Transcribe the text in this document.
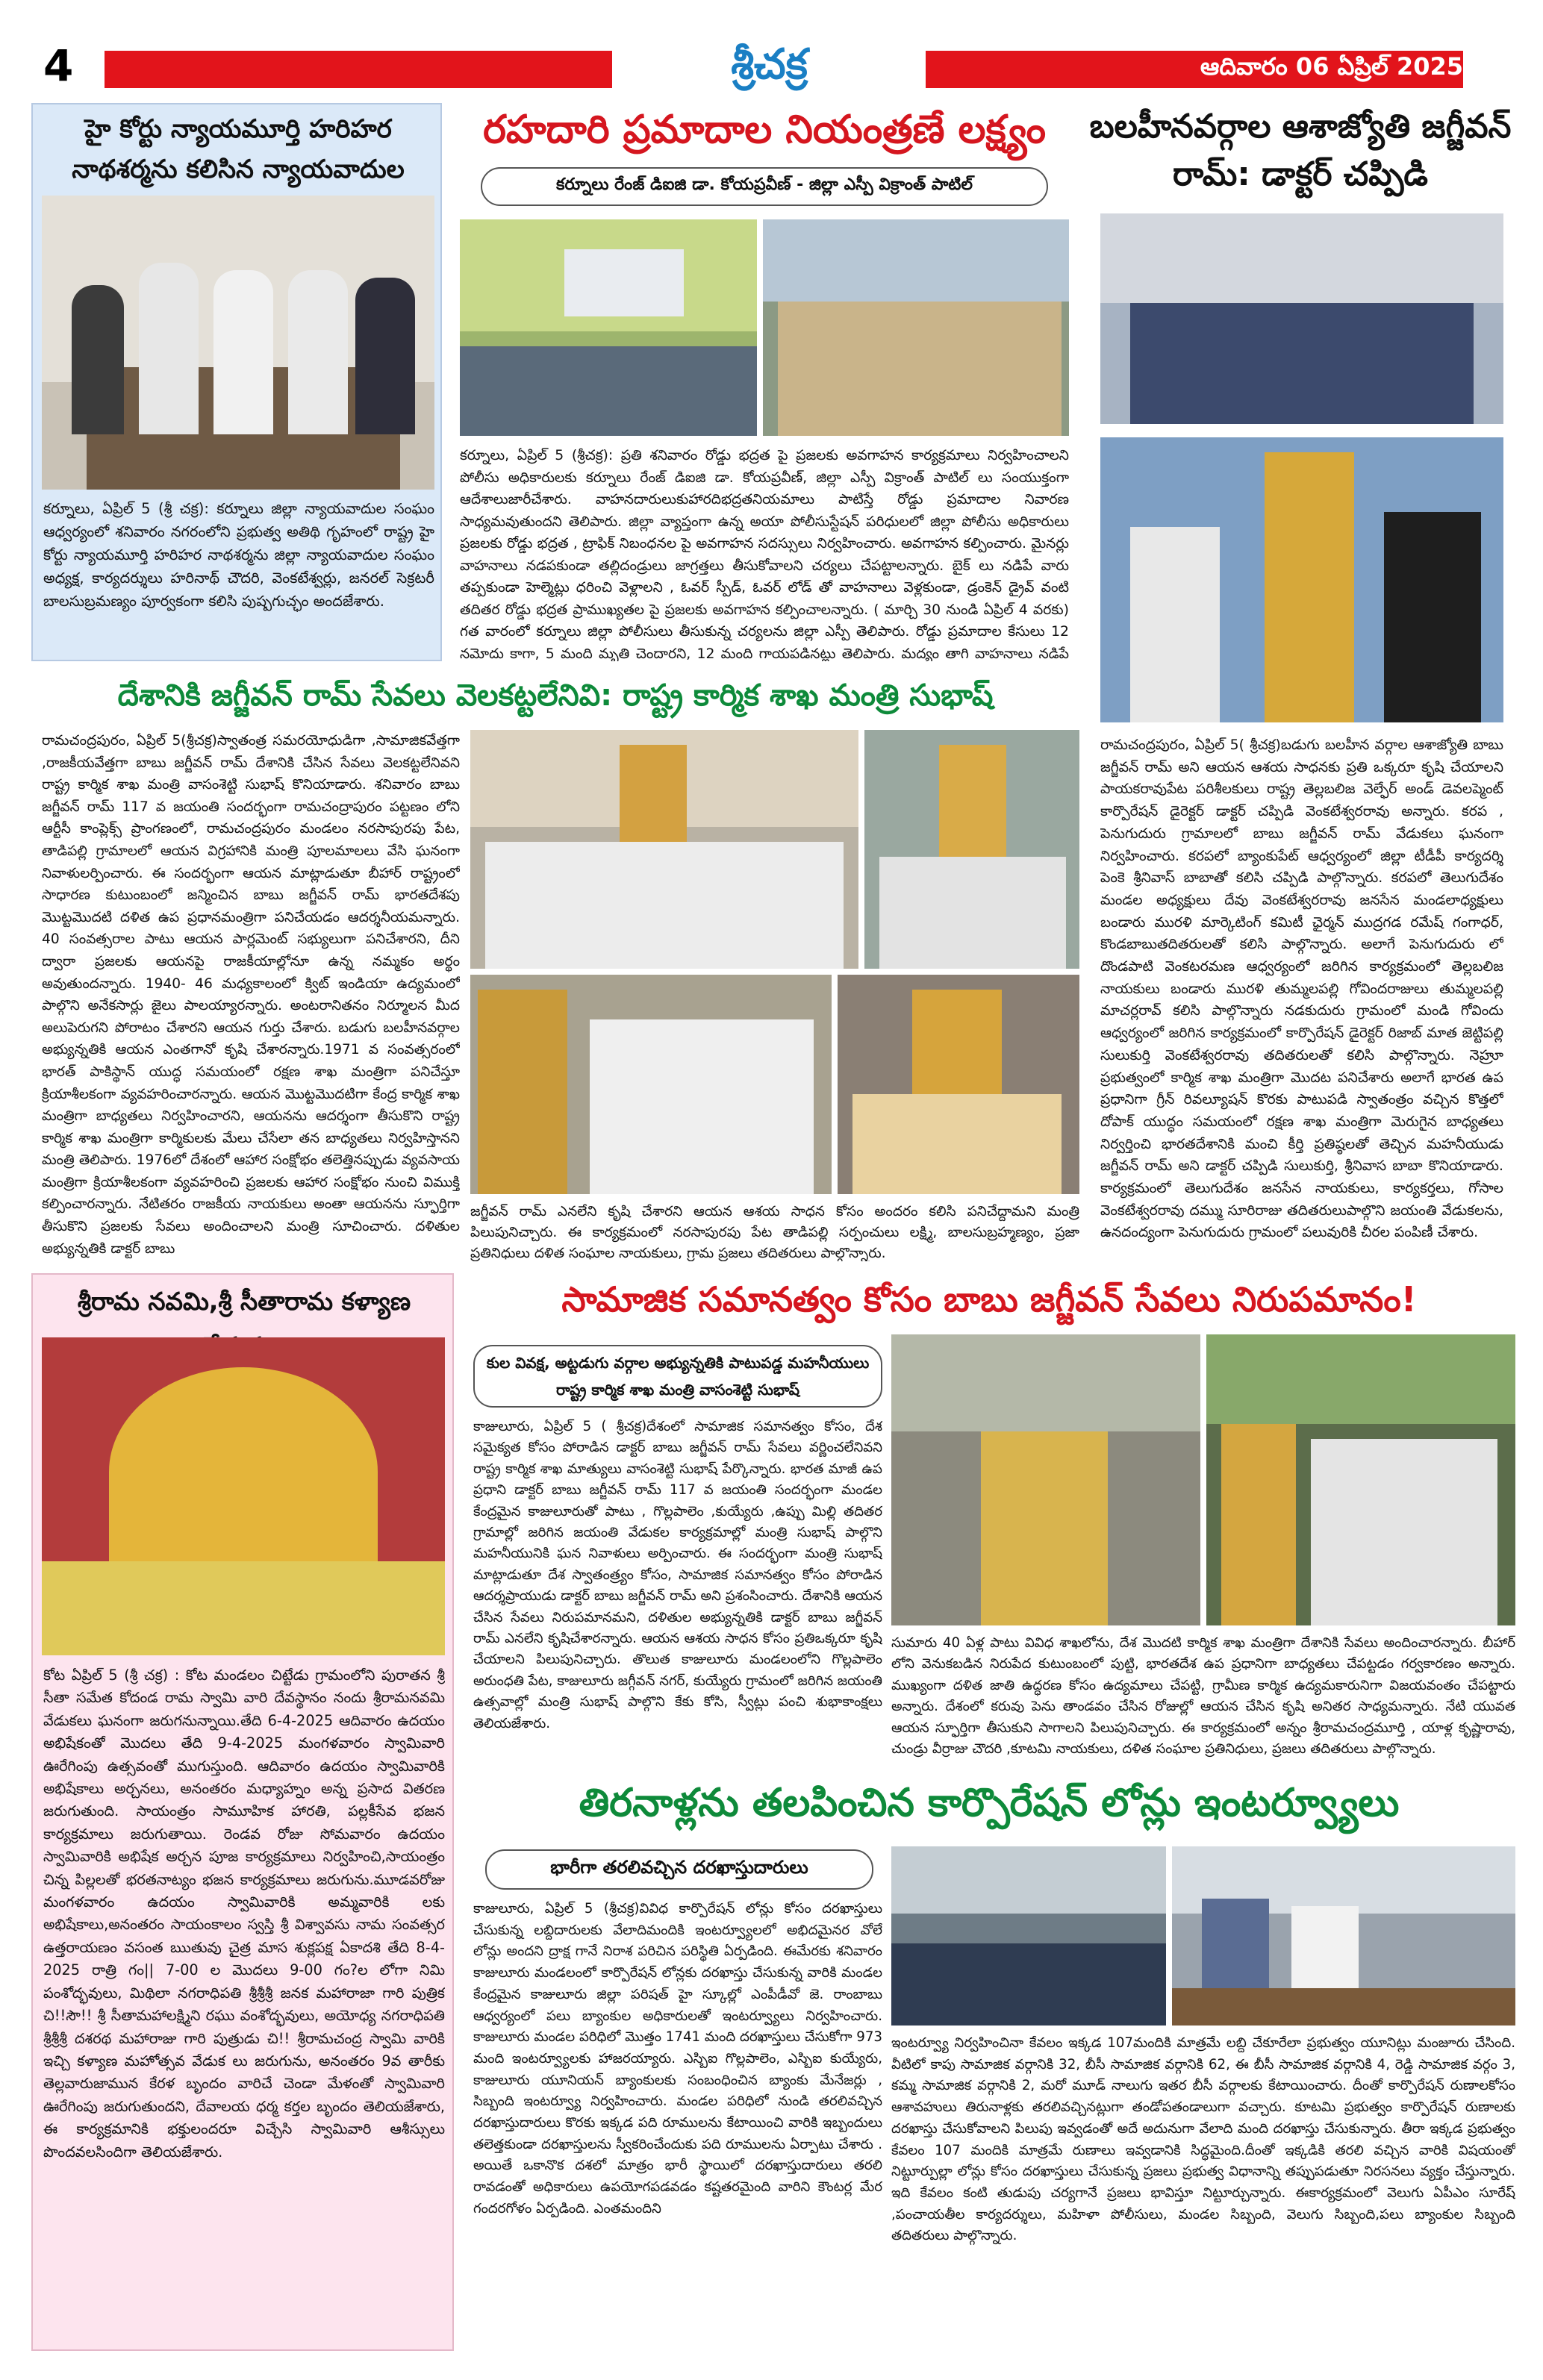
4	శ్రీచక్ర	ఆదివారం 06 ఏప్రిల్ 2025
హై కోర్టు న్యాయమూర్తి హరిహర నాథశర్మను కలిసిన న్యాయవాదుల
కర్నూలు, ఏప్రిల్ 5 (శ్రీ చక్ర): కర్నూలు జిల్లా న్యాయవాదుల సంఘం ఆధ్వర్యంలో శనివారం నగరంలోని ప్రభుత్వ అతిథి గృహంలో రాష్ట్ర హై కోర్టు న్యాయమూర్తి హరిహర నాథశర్మను జిల్లా న్యాయవాదుల సంఘం అధ్యక్ష, కార్యదర్శులు హరినాథ్ చౌదరి, వెంకటేశ్వర్లు, జనరల్ సెక్రటరీ బాలసుబ్రమణ్యం పూర్వకంగా కలిసి పుష్పగుచ్ఛం అందజేశారు.
రహదారి ప్రమాదాల నియంత్రణే లక్ష్యం
కర్నూలు రేంజ్ డిఐజి డా. కోయప్రవీణ్ - జిల్లా ఎస్పీ విక్రాంత్ పాటిల్
కర్నూలు, ఏప్రిల్ 5 (శ్రీచక్ర): ప్రతి శనివారం రోడ్డు భద్రత పై ప్రజలకు అవగాహన కార్యక్రమాలు నిర్వహించాలని పోలీసు అధికారులకు కర్నూలు రేంజ్ డిఐజి డా. కోయప్రవీణ్, జిల్లా ఎస్పీ విక్రాంత్ పాటిల్ లు సంయుక్తంగా ఆదేశాలుజారీచేశారు. వాహనదారులుకుహారదిభద్రతనియమాలు పాటిస్తే రోడ్డు ప్రమాదాల నివారణ సాధ్యమవుతుందని తెలిపారు. జిల్లా వ్యాప్తంగా ఉన్న అయా పోలీసుస్టేషన్ పరిధులలో జిల్లా పోలీసు అధికారులు ప్రజలకు రోడ్డు భద్రత , ట్రాఫిక్ నిబంధనల పై అవగాహన సదస్సులు నిర్వహించారు. అవగాహన కల్పించారు. మైనర్లు వాహనాలు నడపకుండా తల్లిదండ్రులు జాగ్రత్తలు తీసుకోవాలని చర్యలు చేపట్టాలన్నారు. బైక్ లు నడిపే వారు తప్పకుండా హెల్మెట్లు ధరించి వెళ్లాలని , ఓవర్ స్పీడ్, ఓవర్ లోడ్ తో వాహనాలు వెళ్లకుండా, డ్రంకెన్ డ్రైవ్ వంటి తదితర రోడ్డు భద్రత ప్రాముఖ్యతల పై ప్రజలకు అవగాహన కల్పించాలన్నారు. ( మార్చి 30 నుండి ఏప్రిల్ 4 వరకు) గత వారంలో కర్నూలు జిల్లా పోలీసులు తీసుకున్న చర్యలను జిల్లా ఎస్పీ తెలిపారు. రోడ్డు ప్రమాదాల కేసులు 12 నమోదు కాగా, 5 మంది మృతి చెందారని, 12 మంది గాయపడినట్లు తెలిపారు. మద్యం తాగి వాహనాలు నడిపే
బలహీనవర్గాల ఆశాజ్యోతి జగ్జీవన్ రామ్: డాక్టర్ చప్పిడి
రామచంద్రపురం, ఏప్రిల్ 5( శ్రీచక్ర)బడుగు బలహీన వర్గాల ఆశాజ్యోతి బాబు జగ్జీవన్ రామ్ అని ఆయన ఆశయ సాధనకు ప్రతి ఒక్కరూ కృషి చేయాలని పాయకరావుపేట పరిశీలకులు రాష్ట్ర తెల్లబలిజ వెల్ఫేర్ అండ్ డెవలప్మెంట్ కార్పొరేషన్ డైరెక్టర్ డాక్టర్ చప్పిడి వెంకటేశ్వరరావు అన్నారు. కరప , పెనుగుదురు గ్రామాలలో బాబు జగ్జీవన్ రామ్ వేడుకలు ఘనంగా నిర్వహించారు. కరపలో బ్యాంకుపేట్ ఆధ్వర్యంలో జిల్లా టీడీపీ కార్యదర్శి పెంకె శ్రీనివాస్ బాబాతో కలిసి చప్పిడి పాల్గొన్నారు. కరపలో తెలుగుదేశం మండల అధ్యక్షులు దేవు వెంకటేశ్వరరావు జనసేన మండలాధ్యక్షులు బండారు మురళి మార్కెటింగ్ కమిటీ ఛైర్మన్ ముద్రగడ రమేష్ గంగాధర్, కొండబాబుతదితరులతో కలిసి పాల్గొన్నారు. అలాగే పెనుగుదురు లో దొండపాటి వెంకటరమణ ఆధ్వర్యంలో జరిగిన కార్యక్రమంలో తెల్లబలిజ నాయకులు బండారు మురళి తుమ్మలపల్లి గోవిందరాజులు తుమ్మలపల్లి మాచర్లరావ్ కలిసి పాల్గొన్నారు నడకుదురు గ్రామంలో మండి గోవిందు ఆధ్వర్యంలో జరిగిన కార్యక్రమంలో కార్పొరేషన్ డైరెక్టర్ రిజాబ్ మాత జెట్టిపల్లి సులుకుర్తి వెంకటేశ్వరరావు తదితరులతో కలిసి పాల్గొన్నారు. నెహ్రూ ప్రభుత్వంలో కార్మిక శాఖ మంత్రిగా మొదట పనిచేశారు అలాగే భారత ఉప ప్రధానిగా గ్రీన్ రివల్యూషన్ కొరకు పాటుపడి స్వాతంత్రం వచ్చిన కొత్తలో దోపాక్ యుద్ధం సమయంలో రక్షణ శాఖ మంత్రిగా మెరుగైన బాధ్యతలు నిర్వర్తించి భారతదేశానికి మంచి కీర్తి ప్రతిష్ఠలతో తెచ్చిన మహనీయుడు జగ్జీవన్ రామ్ అని డాక్టర్ చప్పిడి సులుకుర్తి, శ్రీనివాస బాబా కొనియాడారు. కార్యక్రమంలో తెలుగుదేశం జనసేన నాయకులు, కార్యకర్తలు, గోసాల వెంకటేశ్వరరావు దమ్ము సూరిరాజు తదితరులుపాల్గొని జయంతి వేడుకలను, ఉనదంద్యంగా పెనుగుదురు గ్రామంలో పలువురికి చీరల పంపిణీ చేశారు.
దేశానికి జగ్జీవన్ రామ్ సేవలు వెలకట్టలేనివి: రాష్ట్ర కార్మిక శాఖ మంత్రి సుభాష్
రామచంద్రపురం, ఏప్రిల్ 5(శ్రీచక్ర)స్వాతంత్ర సమరయోధుడిగా ,సామాజికవేత్తగా ,రాజకీయవేత్తగా బాబు జగ్జీవన్ రామ్ దేశానికి చేసిన సేవలు వెలకట్టలేనివని రాష్ట్ర కార్మిక శాఖ మంత్రి వాసంశెట్టి సుభాష్ కొనియాడారు. శనివారం బాబు జగ్జీవన్ రామ్ 117 వ జయంతి సందర్భంగా రామచంద్రాపురం పట్టణం లోని ఆర్టీసీ కాంప్లెక్స్ ప్రాంగణంలో, రామచంద్రపురం మండలం నరసాపురపు పేట, తాడిపల్లి గ్రామాలలో ఆయన విగ్రహానికి మంత్రి పూలమాలలు వేసి ఘనంగా నివాళులర్పించారు. ఈ సందర్భంగా ఆయన మాట్లాడుతూ బీహార్ రాష్ట్రంలో సాధారణ కుటుంబంలో జన్మించిన బాబు జగ్జీవన్ రామ్ భారతదేశపు మొట్టమొదటి దళిత ఉప ప్రధానమంత్రిగా పనిచేయడం ఆదర్శనీయమన్నారు. 40 సంవత్సరాల పాటు ఆయన పార్లమెంట్ సభ్యులుగా పనిచేశారని, దీని ద్వారా ప్రజలకు ఆయనపై రాజకీయాల్లోనూ ఉన్న నమ్మకం అర్థం అవుతుందన్నారు. 1940- 46 మధ్యకాలంలో క్విట్ ఇండియా ఉద్యమంలో పాల్గొని అనేకసార్లు జైలు పాలయ్యారన్నారు. అంటరానితనం నిర్మూలన మీద అలుపెరుగని పోరాటం చేశారని ఆయన గుర్తు చేశారు. బడుగు బలహీనవర్గాల అభ్యున్నతికి ఆయన ఎంతగానో కృషి చేశారన్నారు.1971 వ సంవత్సరంలో భారత్ పాకిస్థాన్ యుద్ధ సమయంలో రక్షణ శాఖ మంత్రిగా పనిచేస్తూ క్రియాశీలకంగా వ్యవహరించారన్నారు. ఆయన మొట్టమొదటిగా కేంద్ర కార్మిక శాఖ మంత్రిగా బాధ్యతలు నిర్వహించారని, ఆయనను ఆదర్శంగా తీసుకొని రాష్ట్ర కార్మిక శాఖ మంత్రిగా కార్మికులకు మేలు చేసేలా తన బాధ్యతలు నిర్వహిస్తానని మంత్రి తెలిపారు. 1976లో దేశంలో ఆహార సంక్షోభం తలెత్తినప్పుడు వ్యవసాయ మంత్రిగా క్రియాశీలకంగా వ్యవహరించి ప్రజలకు ఆహార సంక్షోభం నుంచి విముక్తి కల్పించారన్నారు. నేటితరం రాజకీయ నాయకులు అంతా ఆయనను స్ఫూర్తిగా తీసుకొని ప్రజలకు సేవలు అందించాలని మంత్రి సూచించారు. దళితుల అభ్యున్నతికి డాక్టర్ బాబు
జగ్జీవన్ రామ్ ఎనలేని కృషి చేశారని ఆయన ఆశయ సాధన కోసం అందరం కలిసి పనిచేద్దామని మంత్రి పిలుపునిచ్చారు. ఈ కార్యక్రమంలో నరసాపురపు పేట తాడిపల్లి సర్పంచులు లక్ష్మి, బాలసుబ్రహ్మణ్యం, ప్రజా ప్రతినిధులు దళిత సంఘాల నాయకులు, గ్రామ ప్రజలు తదితరులు పాల్గొన్నారు.
శ్రీరామ నవమి,శ్రీ సీతారామ కళ్యాణ
కోట ఏప్రిల్ 5 (శ్రీ చక్ర) : కోట మండలం చిట్టేడు గ్రామంలోని పురాతన శ్రీ సీతా సమేత కోదండ రామ స్వామి వారి దేవస్థానం నందు శ్రీరామనవమి వేడుకలు ఘనంగా జరుగనున్నాయి.తేది 6-4-2025 ఆదివారం ఉదయం అభిషేకంతో మొదలు తేది 9-4-2025 మంగళవారం స్వామివారి ఊరేగింపు ఉత్సవంతో ముగుస్తుంది. ఆదివారం ఉదయం స్వామివారికి అభిషేకాలు అర్చనలు, అనంతరం మధ్యాహ్నం అన్న ప్రసాద వితరణ జరుగుతుంది. సాయంత్రం సామూహిక హారతి, పల్లకీసేవ భజన కార్యక్రమాలు జరుగుతాయి. రెండవ రోజు సోమవారం ఉదయం స్వామివారికి అభిషేక అర్చన పూజ కార్యక్రమాలు నిర్వహించి,సాయంత్రం చిన్న పిల్లలతో భరతనాట్యం భజన కార్యక్రమాలు జరుగును.మూడవరోజు మంగళవారం ఉదయం స్వామివారికి అమ్మవారికి లకు అభిషేకాలు,అనంతరం సాయంకాలం స్వస్తి శ్రీ విశ్వావసు నామ సంవత్సర ఉత్తరాయణం వసంత ఋతువు చైత్ర మాస శుక్లపక్ష ఏకాదశి తేది 8-4-2025 రాత్రి గం|| 7-00 ల మొదలు 9-00 గం?ల లోగా నిమి పంశోద్భవులు, మిథిలా నగరాధిపతి శ్రీశ్రీశ్రీ జనక మహారాజా గారి పుత్రిక చి!!సౌ!! శ్రీ సీతామహాలక్ష్మిని రఘు వంశోద్భవులు, అయోధ్య నగరాధిపతి శ్రీశ్రీశ్రీ దశరథ మహారాజు గారి పుత్రుడు చి!! శ్రీరామచంద్ర స్వామి వారికి ఇచ్చి కళ్యాణ మహోత్సవ వేడుక లు జరుగును, అనంతరం 9వ తారీకు తెల్లవారుజామున కేరళ బృందం వారిచే చెండా మేళంతో స్వామివారి ఊరేగింపు జరుగుతుందని, దేవాలయ ధర్మ కర్తల బృందం తెలియజేశారు, ఈ కార్యక్రమానికి భక్తులందరూ విచ్చేసి స్వామివారి ఆశీస్సులు పొందవలసిందిగా తెలియజేశారు.
సామాజిక సమానత్వం కోసం బాబు జగ్జీవన్ సేవలు నిరుపమానం!
కుల వివక్ష, అట్టడుగు వర్గాల అభ్యున్నతికి పాటుపడ్డ మహనీయులు రాష్ట్ర కార్మిక శాఖ మంత్రి వాసంశెట్టి సుభాష్
కాజులూరు, ఏప్రిల్ 5 ( శ్రీచక్ర)దేశంలో సామాజిక సమానత్వం కోసం, దేశ సమైక్యత కోసం పోరాడిన డాక్టర్ బాబు జగ్జీవన్ రామ్ సేవలు వర్ణించలేనివని రాష్ట్ర కార్మిక శాఖ మాత్యులు వాసంశెట్టి సుభాష్ పేర్కొన్నారు. భారత మాజీ ఉప ప్రధాని డాక్టర్ బాబు జగ్జీవన్ రామ్ 117 వ జయంతి సందర్భంగా మండల కేంద్రమైన కాజులూరుతో పాటు , గొల్లపాలెం ,కుయ్యేరు ,ఉప్పు మిల్లి తదితర గ్రామాల్లో జరిగిన జయంతి వేడుకల కార్యక్రమాల్లో మంత్రి సుభాష్ పాల్గొని మహనీయునికి ఘన నివాళులు అర్పించారు. ఈ సందర్భంగా మంత్రి సుభాష్ మాట్లాడుతూ దేశ స్వాతంత్ర్యం కోసం, సామాజిక సమానత్వం కోసం పోరాడిన ఆదర్శప్రాయుడు డాక్టర్ బాబు జగ్జీవన్ రామ్ అని ప్రశంసించారు. దేశానికి ఆయన చేసిన సేవలు నిరుపమానమని, దళితుల అభ్యున్నతికి డాక్టర్ బాబు జగ్జీవన్ రామ్ ఎనలేని కృషిచేశారన్నారు. ఆయన ఆశయ సాధన కోసం ప్రతిఒక్కరూ కృషి చేయాలని పిలుపునిచ్చారు. తొలుత కాజులూరు మండలంలోని గొల్లపాలెం అరుంధతి పేట, కాజులూరు జగ్గీవన్ నగర్, కుయ్యేరు గ్రామంలో జరిగిన జయంతి ఉత్సవాల్లో మంత్రి సుభాష్ పాల్గొని కేకు కోసి, స్వీట్లు పంచి శుభాకాంక్షలు తెలియజేశారు.
సుమారు 40 ఏళ్ల పాటు వివిధ శాఖలోను, దేశ మొదటి కార్మిక శాఖ మంత్రిగా దేశానికి సేవలు అందించారన్నారు. బీహార్ లోని వెనుకబడిన నిరుపేద కుటుంబంలో పుట్టి, భారతదేశ ఉప ప్రధానిగా బాధ్యతలు చేపట్టడం గర్వకారణం అన్నారు. ముఖ్యంగా దళిత జాతి ఉద్ధరణ కోసం ఉద్యమాలు చేపట్టి, గ్రామీణ కార్మిక ఉద్యమకారునిగా విజయవంతం చేపట్టారు అన్నారు. దేశంలో కరువు పెను తాండవం చేసిన రోజుల్లో ఆయన చేసిన కృషి అనితర సాధ్యమన్నారు. నేటి యువత ఆయన స్ఫూర్తిగా తీసుకుని సాగాలని పిలుపునిచ్చారు. ఈ కార్యక్రమంలో అన్నం శ్రీరామచంద్రమూర్తి , యాళ్ల కృష్ణారావు, చుండ్రు వీర్రాజు చౌదరి ,కూటమి నాయకులు, దళిత సంఘాల ప్రతినిధులు, ప్రజలు తదితరులు పాల్గొన్నారు.
తిరనాళ్లను తలపించిన కార్పొరేషన్ లోన్లు ఇంటర్వ్యూలు
భారీగా తరలివచ్చిన దరఖాస్తుదారులు
కాజులూరు, ఏప్రిల్ 5 (శ్రీచక్ర)వివిధ కార్పొరేషన్ లోన్లు కోసం దరఖాస్తులు చేసుకున్న లబ్దిదారులకు వేలాదిమందికి ఇంటర్వ్యూలలో అభిదమైనర వోలే లోన్లు అందని ద్రాక్ష గానే నిరాశ పరిచిన పరిస్థితి ఏర్పడింది. ఈమేరకు శనివారం కాజులూరు మండలంలో కార్పొరేషన్ లోన్లకు దరఖాస్తు చేసుకున్న వారికి మండల కేంద్రమైన కాజులూరు జిల్లా పరిషత్ హై స్కూల్లో ఎంపీడీవో జె. రాంబాబు ఆధ్వర్యంలో పలు బ్యాంకుల అధికారులతో ఇంటర్వ్యూలు నిర్వహించారు. కాజులూరు మండల పరిధిలో మొత్తం 1741 మంది దరఖాస్తులు చేసుకోగా 973 మంది ఇంటర్వ్యూలకు హాజరయ్యారు. ఎస్బిఐ గొల్లపాలెం, ఎస్బిఐ కుయ్యేరు, కాజులూరు యూనియన్ బ్యాంకులకు సంబంధించిన బ్యాంకు మేనేజర్లు , సిబ్బంది ఇంటర్వ్యూ నిర్వహించారు. మండల పరిధిలో నుండి తరలివచ్చిన దరఖాస్తుదారులు కొరకు ఇక్కడ పది రూములను కేటాయించి వారికి ఇబ్బందులు తలెత్తకుండా దరఖాస్తులను స్వీకరించేందుకు పది రూములను ఏర్పాటు చేశారు . అయితే ఒకానొక దశలో మాత్రం భారీ స్థాయిలో దరఖాస్తుదారులు తరలి రావడంతో అధికారులు ఉపయోగపడవడం కష్టతరమైంది వారిని కౌంటర్ల మేర గందరగోళం ఏర్పడింది. ఎంతమందిని
ఇంటర్వ్యూ నిర్వహించినా కేవలం ఇక్కడ 107మందికి మాత్రమే లబ్ది చేకూరేలా ప్రభుత్వం యూనిట్లు మంజూరు చేసింది. వీటిలో కాపు సామాజిక వర్గానికి 32, బీసీ సామాజిక వర్గానికి 62, ఈ బీసీ సామాజిక వర్గానికి 4, రెడ్డి సామాజిక వర్గం 3, కమ్మ సామాజిక వర్గానికి 2, మరో మూడ్ నాలుగు ఇతర బీసీ వర్గాలకు కేటాయించారు. దీంతో కార్పొరేషన్ రుణాలకోసం ఆశావహులు తిరునాళ్లకు తరలివచ్చినట్లుగా తండోపతండాలుగా వచ్చారు. కూటమి ప్రభుత్వం కార్పొరేషన్ రుణాలకు దరఖాస్తు చేసుకోవాలని పిలుపు ఇవ్వడంతో అదే అదునుగా వేలాది మంది దరఖాస్తు చేసుకున్నారు. తీరా ఇక్కడ ప్రభుత్వం కేవలం 107 మందికి మాత్రమే రుణాలు ఇవ్వడానికి సిద్ధమైంది.దీంతో ఇక్కడికి తరలి వచ్చిన వారికి విషయంతో నిట్టూర్పుల్లా లోన్లు కోసం దరఖాస్తులు చేసుకున్న ప్రజలు ప్రభుత్వ విధానాన్ని తప్పుపడుతూ నిరసనలు వ్యక్తం చేస్తున్నారు. ఇది కేవలం కంటి తుడుపు చర్యగానే ప్రజలు భావిస్తూ నిట్టూర్చున్నారు. ఈకార్యక్రమంలో వెలుగు ఏపీఎం సూరేష్ ,పంచాయతీల కార్యదర్శులు, మహిళా పోలీసులు, మండల సిబ్బంది, వెలుగు సిబ్బంది,పలు బ్యాంకుల సిబ్బంది తదితరులు పాల్గొన్నారు.
